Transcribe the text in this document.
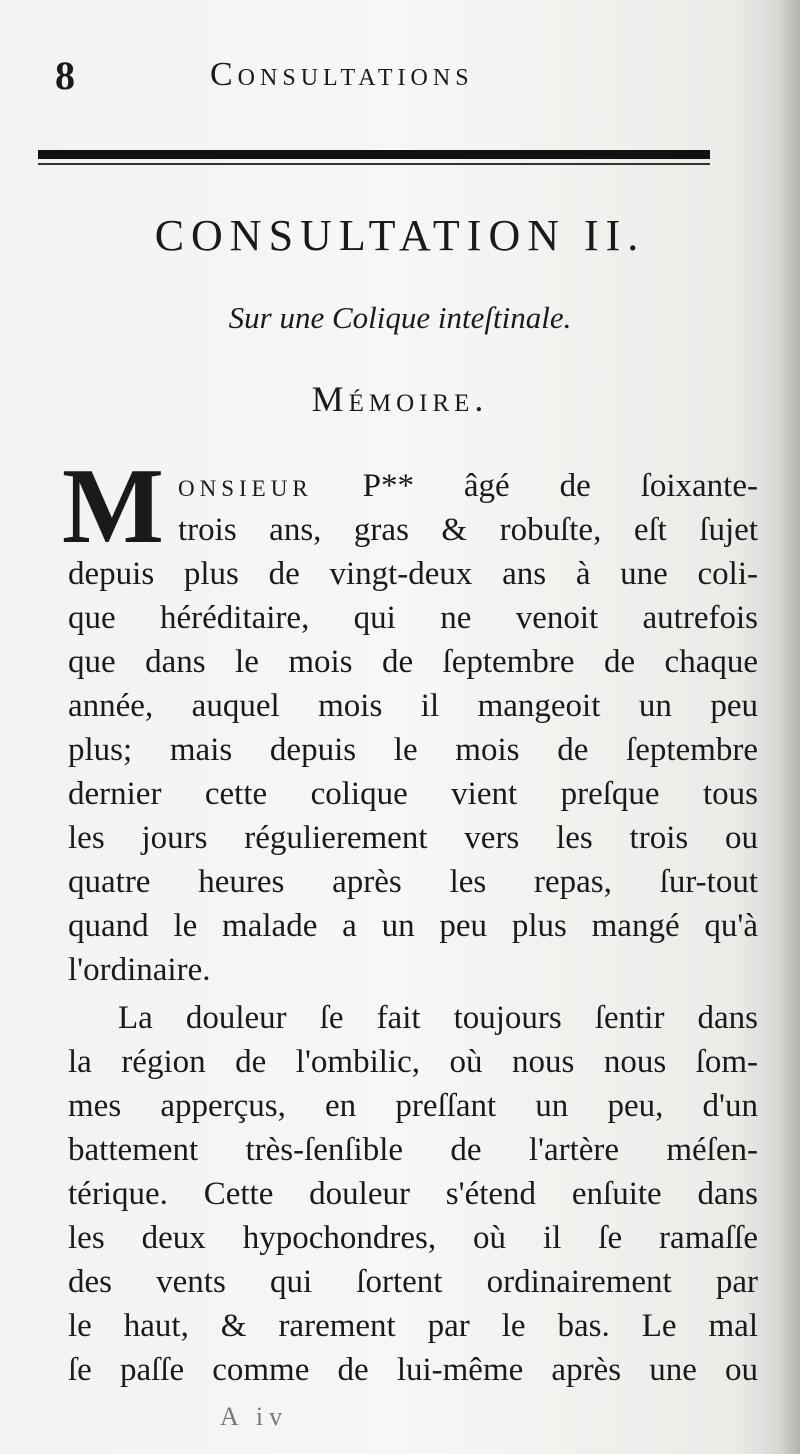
8	Consultations
CONSULTATION II.
Sur une Colique inteſtinale.
Mémoire.
M onsieur P** âgé de ſoixante-
trois ans, gras & robuſte, eſt ſujet
depuis plus de vingt-deux ans à une coli-
que héréditaire, qui ne venoit autrefois
que dans le mois de ſeptembre de chaque
année, auquel mois il mangeoit un peu
plus; mais depuis le mois de ſeptembre
dernier cette colique vient preſque tous
les jours régulierement vers les trois ou
quatre heures après les repas, ſur-tout
quand le malade a un peu plus mangé qu'à
l'ordinaire.
La douleur ſe fait toujours ſentir dans
la région de l'ombilic, où nous nous ſom-
mes apperçus, en preſſant un peu, d'un
battement très-ſenſible de l'artère méſen-
térique. Cette douleur s'étend enſuite dans
les deux hypochondres, où il ſe ramaſſe
des vents qui ſortent ordinairement par
le haut, & rarement par le bas. Le mal
ſe paſſe comme de lui-même après une ou
A iv
